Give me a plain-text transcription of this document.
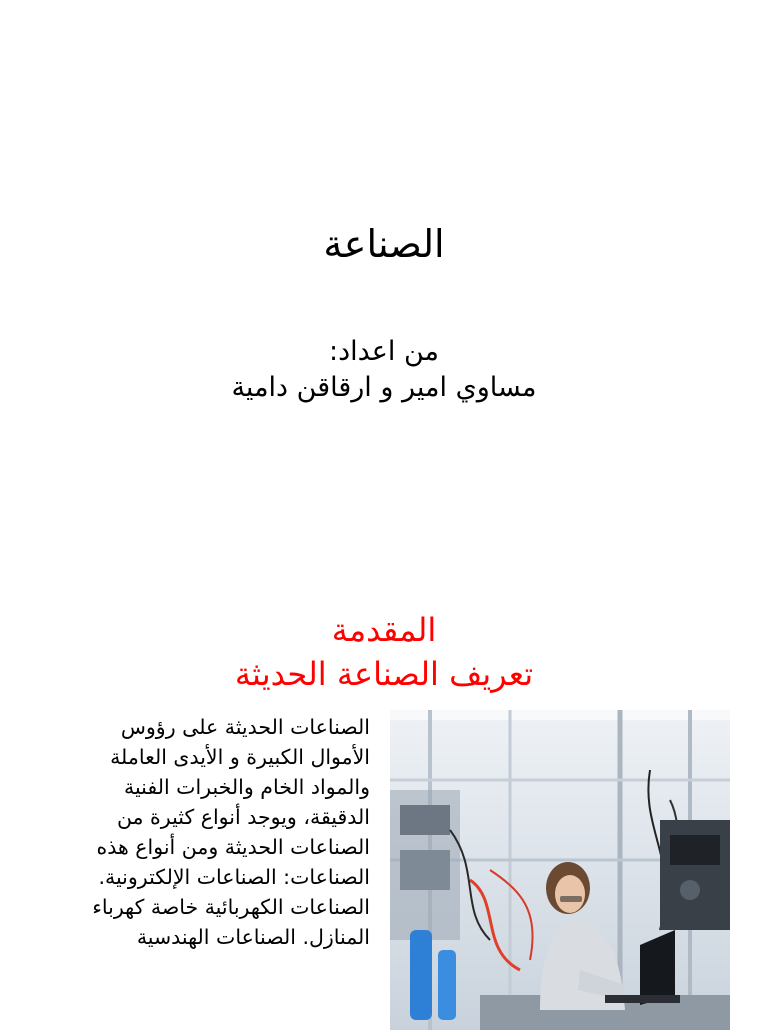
الصناعة
من اعداد:
مساوي امير و ارقاقن دامية
المقدمة
تعريف الصناعة الحديثة
الصناعات الحديثة على رؤوس الأموال الكبيرة و الأيدى العاملة والمواد الخام والخبرات الفنية الدقيقة، ويوجد أنواع كثيرة من الصناعات الحديثة ومن أنواع هذه الصناعات: الصناعات الإلكترونية. الصناعات الكهربائية خاصة كهرباء المنازل. الصناعات الهندسية
